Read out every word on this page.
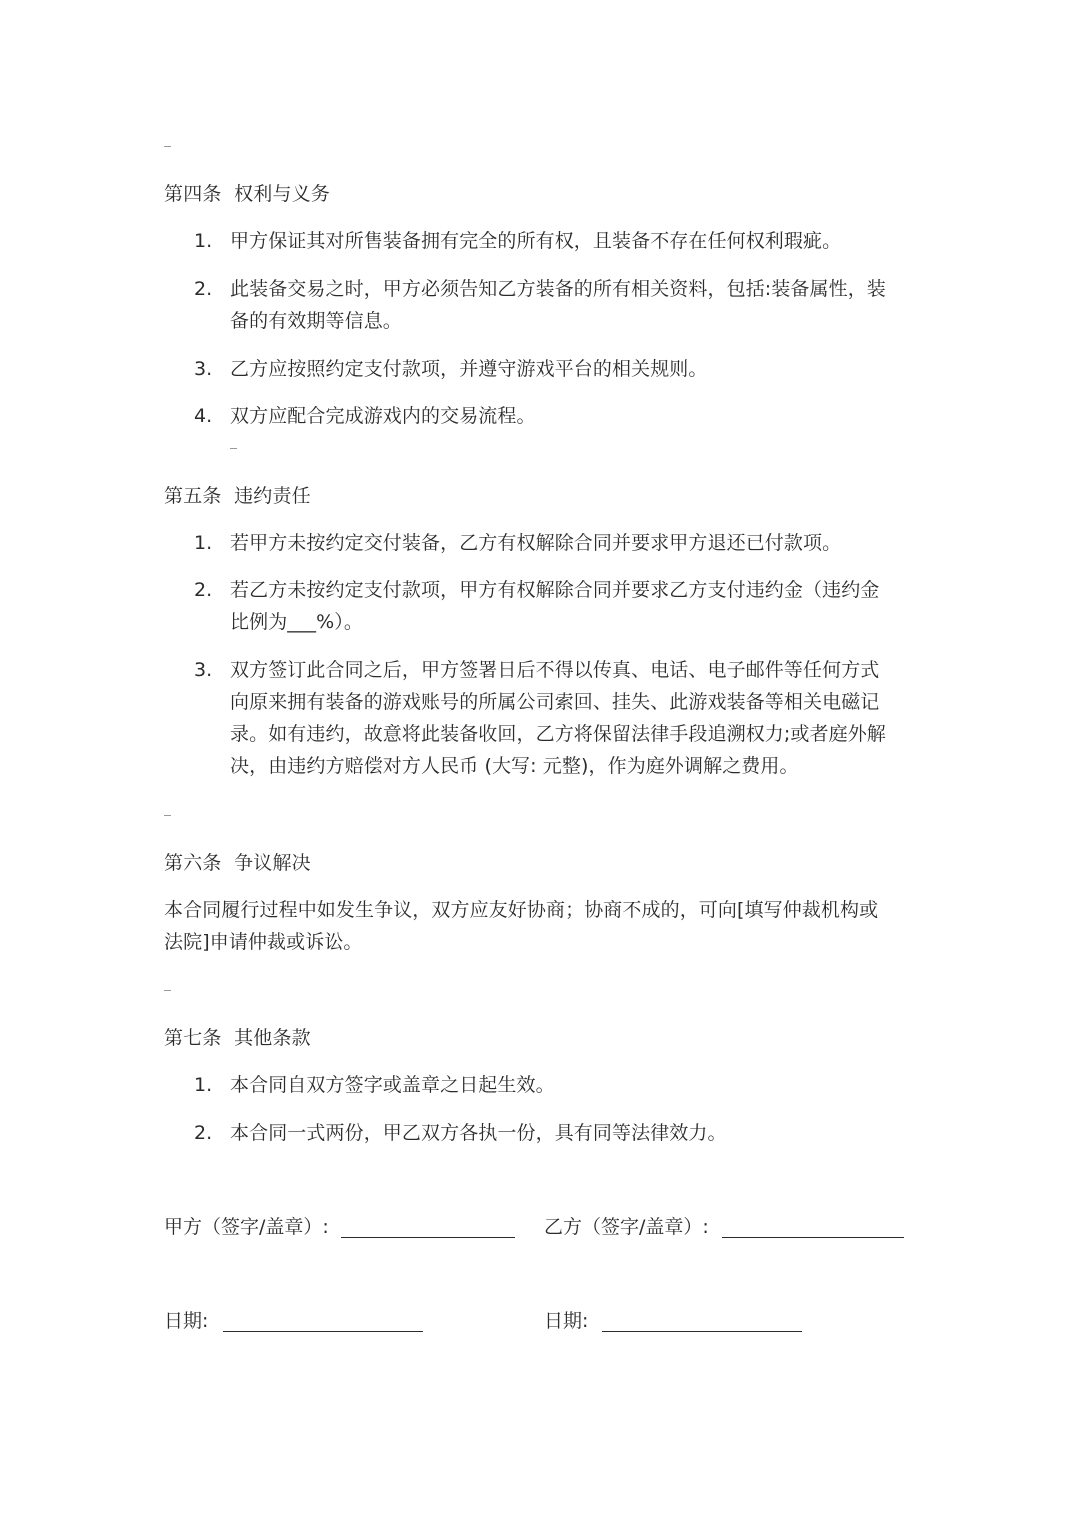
第四条  权利与义务
1. 甲方保证其对所售装备拥有完全的所有权，且装备不存在任何权利瑕疵。
2. 此装备交易之时，甲方必须告知乙方装备的所有相关资料，包括:装备属性，装
备的有效期等信息。
3. 乙方应按照约定支付款项，并遵守游戏平台的相关规则。
4. 双方应配合完成游戏内的交易流程。
第五条  违约责任
1. 若甲方未按约定交付装备，乙方有权解除合同并要求甲方退还已付款项。
2. 若乙方未按约定支付款项，甲方有权解除合同并要求乙方支付违约金（违约金
比例为___%）。
3. 双方签订此合同之后，甲方签署日后不得以传真、电话、电子邮件等任何方式
向原来拥有装备的游戏账号的所属公司索回、挂失、此游戏装备等相关电磁记
录。如有违约，故意将此装备收回，乙方将保留法律手段追溯权力;或者庭外解
决，由违约方赔偿对方人民币 (大写: 元整)，作为庭外调解之费用。
第六条  争议解决
本合同履行过程中如发生争议，双方应友好协商；协商不成的，可向[填写仲裁机构或
法院]申请仲裁或诉讼。
第七条  其他条款
1. 本合同自双方签字或盖章之日起生效。
2. 本合同一式两份，甲乙双方各执一份，具有同等法律效力。
甲方（签字/盖章）:	乙方（签字/盖章）:
日期:	日期:
